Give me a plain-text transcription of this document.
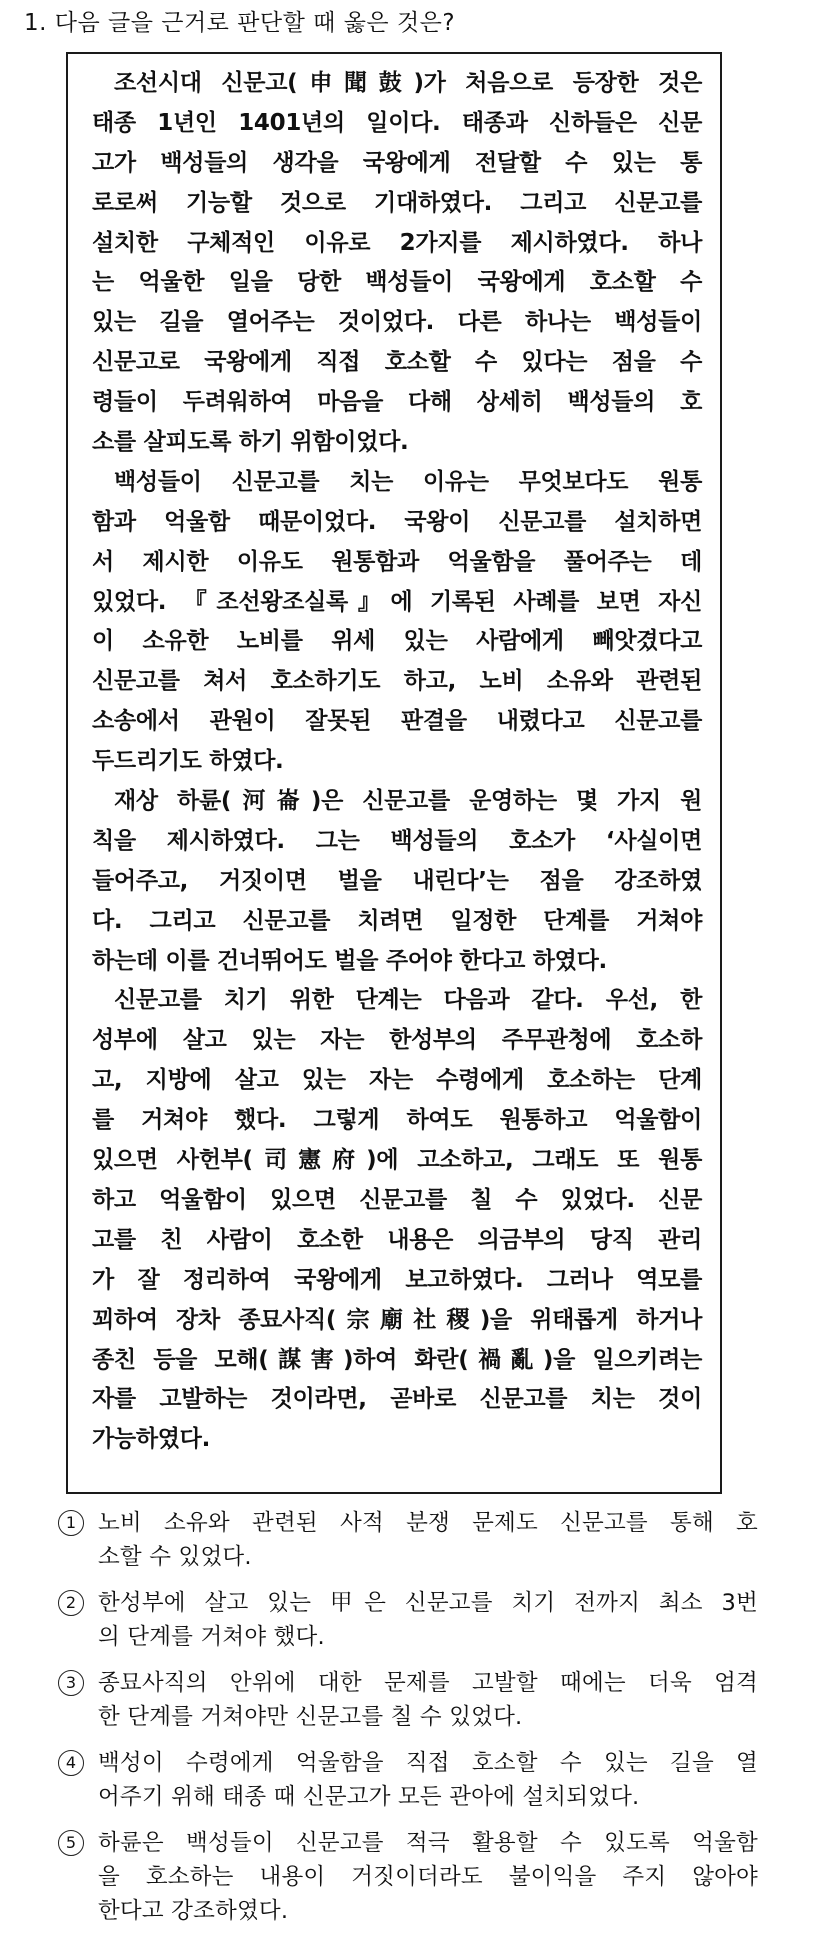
1. 다음 글을 근거로 판단할 때 옳은 것은?
조선시대 신문고(申聞鼓)가 처음으로 등장한 것은
태종 1년인 1401년의 일이다. 태종과 신하들은 신문
고가 백성들의 생각을 국왕에게 전달할 수 있는 통
로로써 기능할 것으로 기대하였다. 그리고 신문고를
설치한 구체적인 이유로 2가지를 제시하였다. 하나
는 억울한 일을 당한 백성들이 국왕에게 호소할 수
있는 길을 열어주는 것이었다. 다른 하나는 백성들이
신문고로 국왕에게 직접 호소할 수 있다는 점을 수
령들이 두려워하여 마음을 다해 상세히 백성들의 호
소를 살피도록 하기 위함이었다.
백성들이 신문고를 치는 이유는 무엇보다도 원통
함과 억울함 때문이었다. 국왕이 신문고를 설치하면
서 제시한 이유도 원통함과 억울함을 풀어주는 데
있었다. 『조선왕조실록』에 기록된 사례를 보면 자신
이 소유한 노비를 위세 있는 사람에게 빼앗겼다고
신문고를 쳐서 호소하기도 하고, 노비 소유와 관련된
소송에서 관원이 잘못된 판결을 내렸다고 신문고를
두드리기도 하였다.
재상 하륜(河崙)은 신문고를 운영하는 몇 가지 원
칙을 제시하였다. 그는 백성들의 호소가 ‘사실이면
들어주고, 거짓이면 벌을 내린다’는 점을 강조하였
다. 그리고 신문고를 치려면 일정한 단계를 거쳐야
하는데 이를 건너뛰어도 벌을 주어야 한다고 하였다.
신문고를 치기 위한 단계는 다음과 같다. 우선, 한
성부에 살고 있는 자는 한성부의 주무관청에 호소하
고, 지방에 살고 있는 자는 수령에게 호소하는 단계
를 거쳐야 했다. 그렇게 하여도 원통하고 억울함이
있으면 사헌부(司憲府)에 고소하고, 그래도 또 원통
하고 억울함이 있으면 신문고를 칠 수 있었다. 신문
고를 친 사람이 호소한 내용은 의금부의 당직 관리
가 잘 정리하여 국왕에게 보고하였다. 그러나 역모를
꾀하여 장차 종묘사직(宗廟社稷)을 위태롭게 하거나
종친 등을 모해(謀害)하여 화란(禍亂)을 일으키려는
자를 고발하는 것이라면, 곧바로 신문고를 치는 것이
가능하였다.
1 노비 소유와 관련된 사적 분쟁 문제도 신문고를 통해 호
소할 수 있었다.
2 한성부에 살고 있는 甲은 신문고를 치기 전까지 최소 3번
의 단계를 거쳐야 했다.
3 종묘사직의 안위에 대한 문제를 고발할 때에는 더욱 엄격
한 단계를 거쳐야만 신문고를 칠 수 있었다.
4 백성이 수령에게 억울함을 직접 호소할 수 있는 길을 열
어주기 위해 태종 때 신문고가 모든 관아에 설치되었다.
5 하륜은 백성들이 신문고를 적극 활용할 수 있도록 억울함
을 호소하는 내용이 거짓이더라도 불이익을 주지 않아야
한다고 강조하였다.
